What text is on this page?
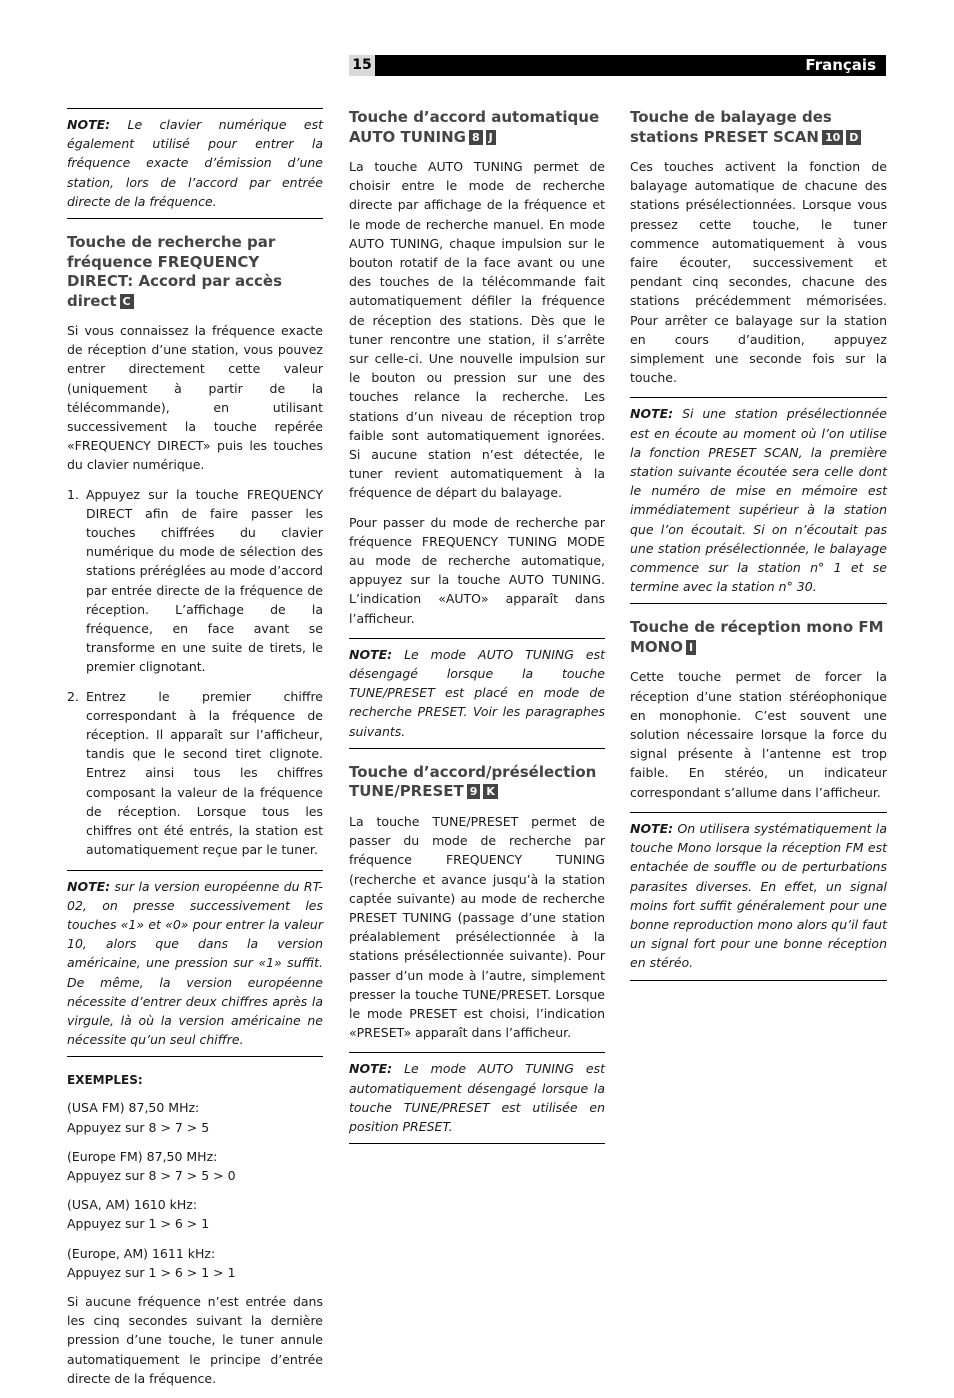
15	Français

NOTE: Le clavier numérique est également utilisé pour entrer la fréquence exacte d’émission d’une station, lors de l’accord par entrée directe de la fréquence.

Touche de recherche par fréquence FREQUENCY DIRECT: Accord par accès direct C

Si vous connaissez la fréquence exacte de réception d’une station, vous pouvez entrer directement cette valeur (uniquement à partir de la télécommande), en utilisant successivement la touche repérée «FREQUENCY DIRECT» puis les touches du clavier numérique.

1. Appuyez sur la touche FREQUENCY DIRECT afin de faire passer les touches chiffrées du clavier numérique du mode de sélection des stations préréglées au mode d’accord par entrée directe de la fréquence de réception. L’affichage de la fréquence, en face avant se transforme en une suite de tirets, le premier clignotant.

2. Entrez le premier chiffre correspondant à la fréquence de réception. Il apparaît sur l’afficheur, tandis que le second tiret clignote. Entrez ainsi tous les chiffres composant la valeur de la fréquence de réception. Lorsque tous les chiffres ont été entrés, la station est automatiquement reçue par le tuner.

NOTE: sur la version européenne du RT-02, on presse successivement les touches «1» et «0» pour entrer la valeur 10, alors que dans la version américaine, une pression sur «1» suffit. De même, la version européenne nécessite d’entrer deux chiffres après la virgule, là où la version américaine ne nécessite qu’un seul chiffre.

EXEMPLES:

(USA FM) 87,50 MHz:
Appuyez sur 8 > 7 > 5

(Europe FM) 87,50 MHz:
Appuyez sur 8 > 7 > 5 > 0

(USA, AM) 1610 kHz:
Appuyez sur 1 > 6 > 1

(Europe, AM) 1611 kHz:
Appuyez sur 1 > 6 > 1 > 1

Si aucune fréquence n’est entrée dans les cinq secondes suivant la dernière pression d’une touche, le tuner annule automatiquement le principe d’entrée directe de la fréquence.

Touche d’accord automatique AUTO TUNING 8 J

La touche AUTO TUNING permet de choisir entre le mode de recherche directe par affichage de la fréquence et le mode de recherche manuel. En mode AUTO TUNING, chaque impulsion sur le bouton rotatif de la face avant ou une des touches de la télécommande fait automatiquement défiler la fréquence de réception des stations. Dès que le tuner rencontre une station, il s’arrête sur celle-ci. Une nouvelle impulsion sur le bouton ou pression sur une des touches relance la recherche. Les stations d’un niveau de réception trop faible sont automatiquement ignorées. Si aucune station n’est détectée, le tuner revient automatiquement à la fréquence de départ du balayage.

Pour passer du mode de recherche par fréquence FREQUENCY TUNING MODE au mode de recherche automatique, appuyez sur la touche AUTO TUNING. L’indication «AUTO» apparaît dans l’afficheur.

NOTE: Le mode AUTO TUNING est désengagé lorsque la touche TUNE/PRESET est placé en mode de recherche PRESET. Voir les paragraphes suivants.

Touche d’accord/présélection TUNE/PRESET 9 K

La touche TUNE/PRESET permet de passer du mode de recherche par fréquence FREQUENCY TUNING (recherche et avance jusqu’à la station captée suivante) au mode de recherche PRESET TUNING (passage d’une station préalablement présélectionnée à la stations présélectionnée suivante). Pour passer d’un mode à l’autre, simplement presser la touche TUNE/PRESET. Lorsque le mode PRESET est choisi, l’indication «PRESET» apparaît dans l’afficheur.

NOTE: Le mode AUTO TUNING est automatiquement désengagé lorsque la touche TUNE/PRESET est utilisée en position PRESET.

Touche de balayage des stations PRESET SCAN 10 D

Ces touches activent la fonction de balayage automatique de chacune des stations présélectionnées. Lorsque vous pressez cette touche, le tuner commence automatiquement à vous faire écouter, successivement et pendant cinq secondes, chacune des stations précédemment mémorisées. Pour arrêter ce balayage sur la station en cours d’audition, appuyez simplement une seconde fois sur la touche.

NOTE: Si une station présélectionnée est en écoute au moment où l’on utilise la fonction PRESET SCAN, la première station suivante écoutée sera celle dont le numéro de mise en mémoire est immédiatement supérieur à la station que l’on écoutait. Si on n’écoutait pas une station présélectionnée, le balayage commence sur la station n° 1 et se termine avec la station n° 30.

Touche de réception mono FM MONO I

Cette touche permet de forcer la réception d’une station stéréophonique en monophonie. C’est souvent une solution nécessaire lorsque la force du signal présente à l’antenne est trop faible. En stéréo, un indicateur correspondant s’allume dans l’afficheur.

NOTE: On utilisera systématiquement la touche Mono lorsque la réception FM est entachée de souffle ou de perturbations parasites diverses. En effet, un signal moins fort suffit généralement pour une bonne reproduction mono alors qu’il faut un signal fort pour une bonne réception en stéréo.
